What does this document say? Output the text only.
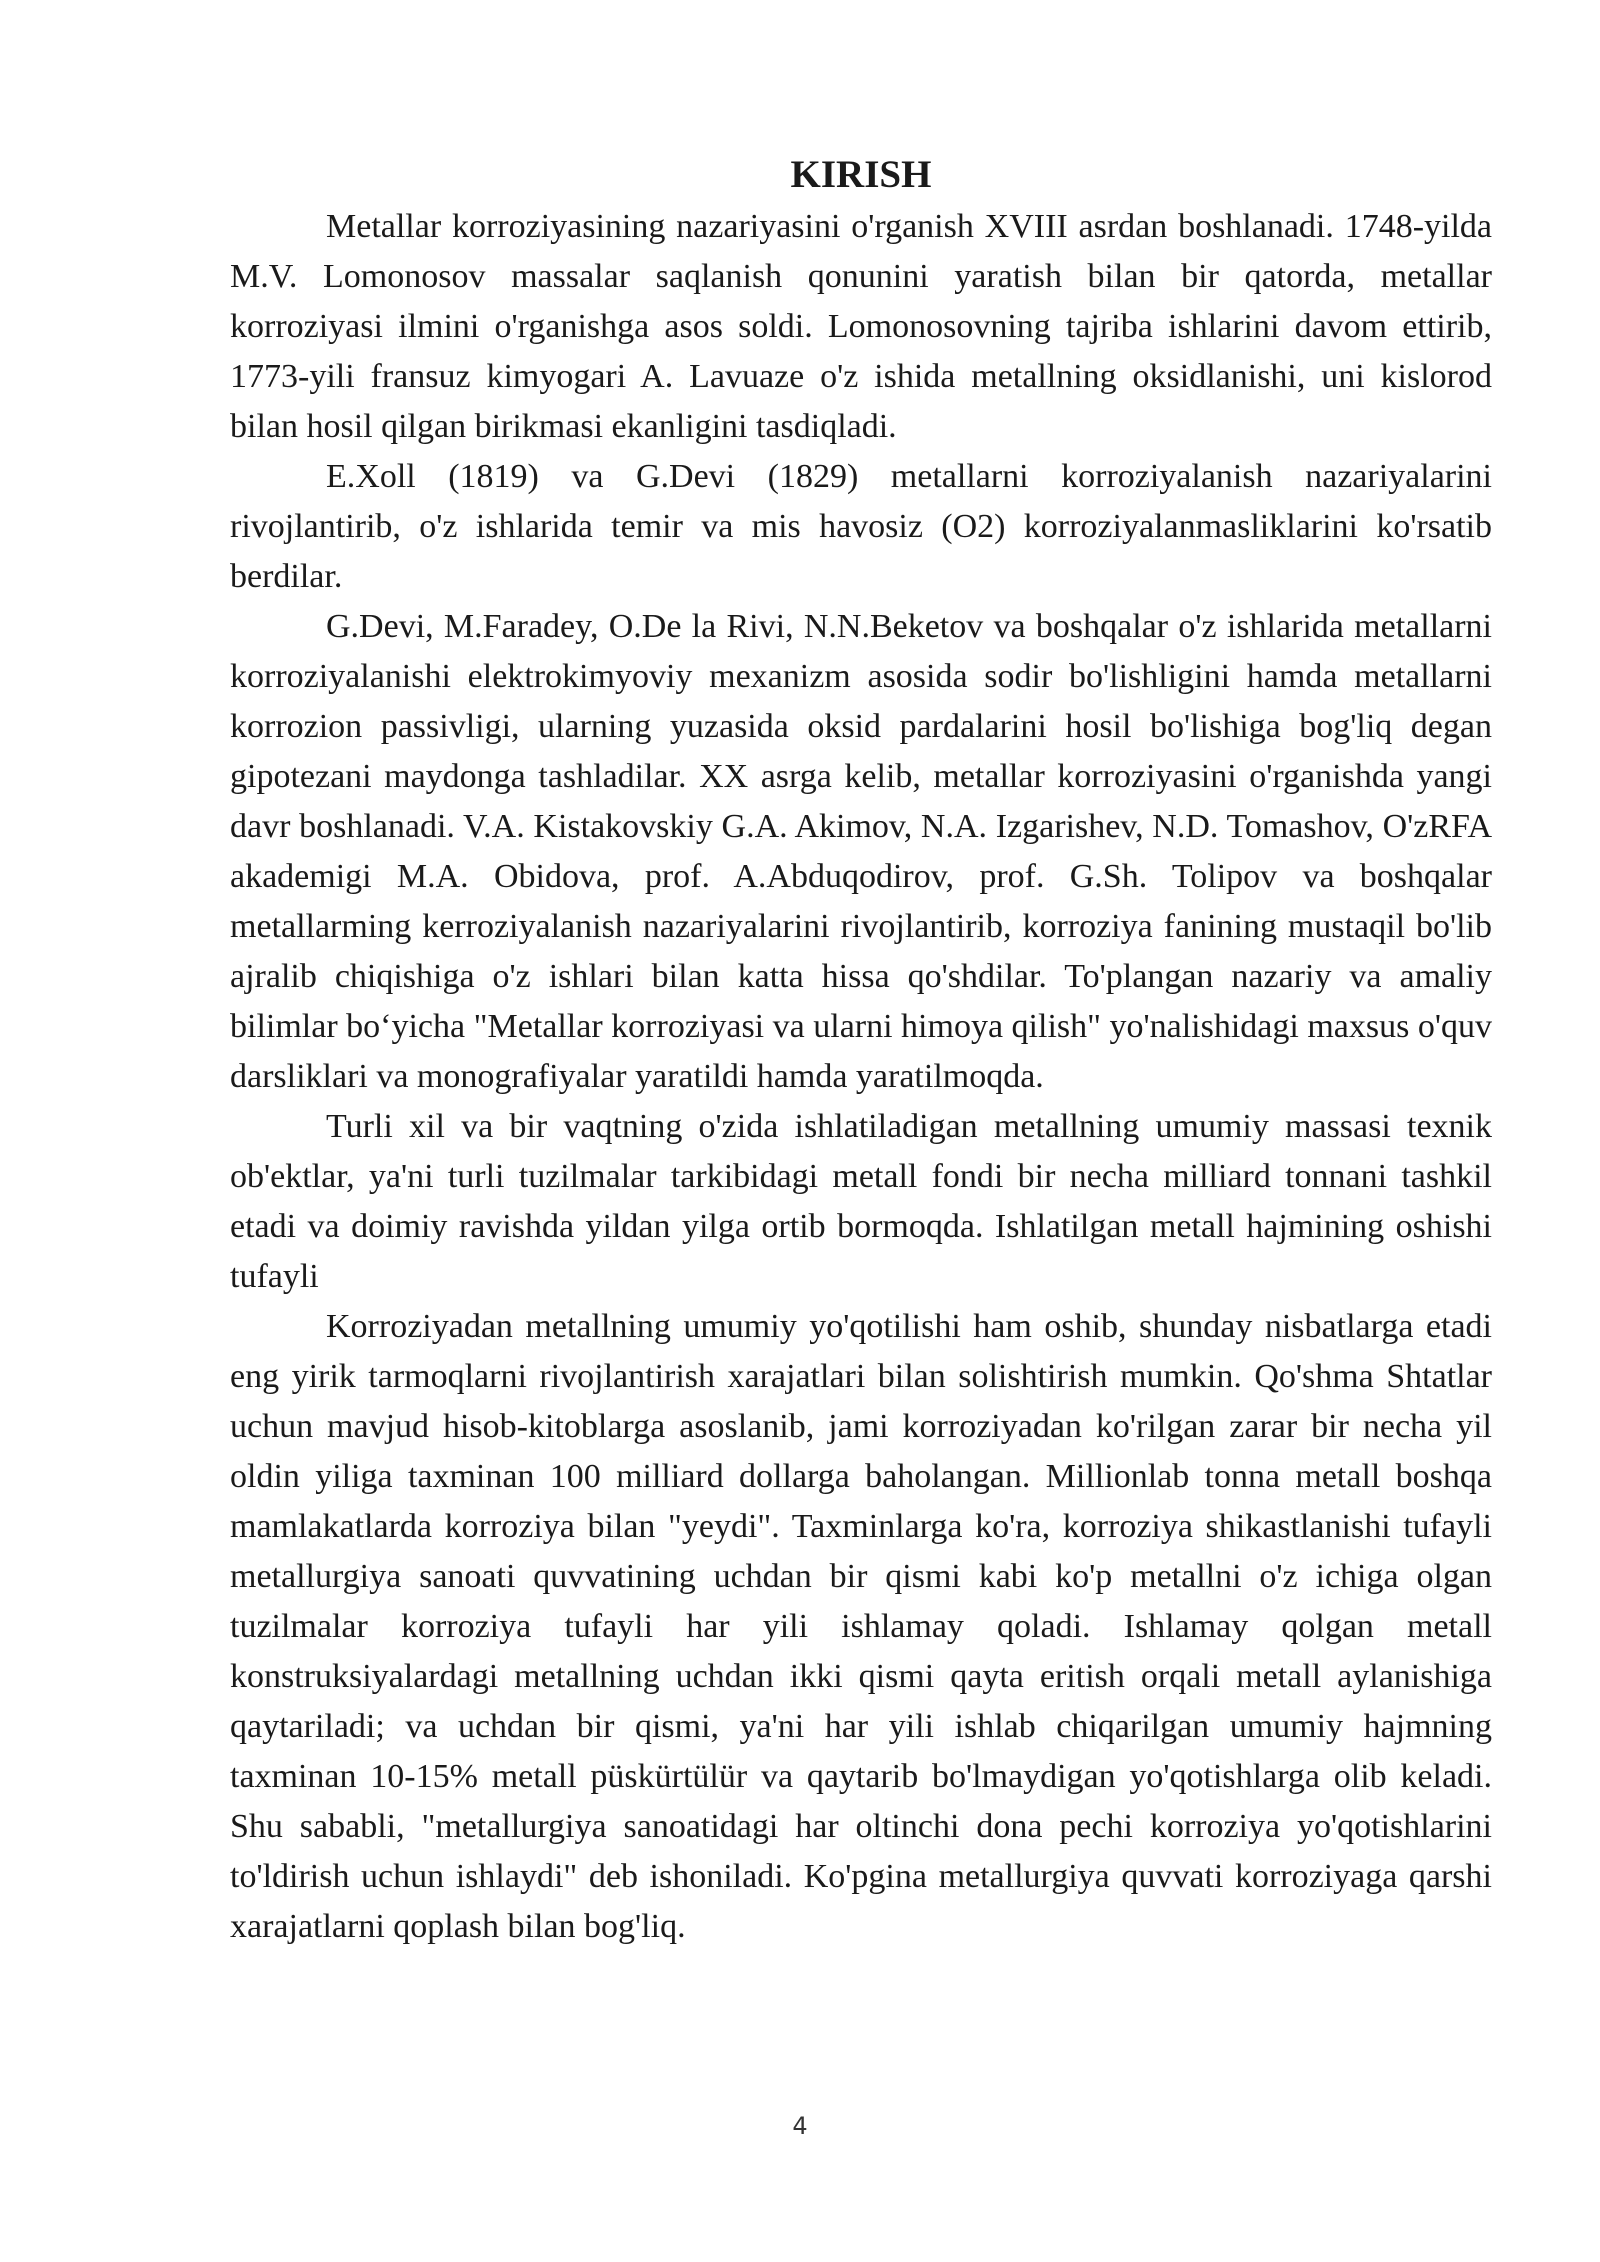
KIRISH

Metallar korroziyasining nazariyasini o'rganish XVIII asrdan boshlanadi. 1748-yilda M.V. Lomonosov massalar saqlanish qonunini yaratish bilan bir qatorda, metallar korroziyasi ilmini o'rganishga asos soldi. Lomonosovning tajriba ishlarini davom ettirib, 1773-yili fransuz kimyogari A. Lavuaze o'z ishida metallning oksidlanishi, uni kislorod bilan hosil qilgan birikmasi ekanligini tasdiqladi.

E.Xoll (1819) va G.Devi (1829) metallarni korroziyalanish nazariyalarini rivojlantirib, o'z ishlarida temir va mis havosiz (O2) korroziyalanmasliklarini ko'rsatib berdilar.

G.Devi, M.Faradey, O.De la Rivi, N.N.Beketov va boshqalar o'z ishlarida metallarni korroziyalanishi elektrokimyoviy mexanizm asosida sodir bo'lishligini hamda metallarni korrozion passivligi, ularning yuzasida oksid pardalarini hosil bo'lishiga bog'liq degan gipotezani maydonga tashladilar. XX asrga kelib, metallar korroziyasini o'rganishda yangi davr boshlanadi. V.A. Kistakovskiy G.A. Akimov, N.A. Izgarishev, N.D. Tomashov, O'zRFA akademigi M.A. Obidova, prof. A.Abduqodirov, prof. G.Sh. Tolipov va boshqalar metallarming kerroziyalanish nazariyalarini rivojlantirib, korroziya fanining mustaqil bo'lib ajralib chiqishiga o'z ishlari bilan katta hissa qo'shdilar. To'plangan nazariy va amaliy bilimlar bo‘yicha "Metallar korroziyasi va ularni himoya qilish" yo'nalishidagi maxsus o'quv darsliklari va monografiyalar yaratildi hamda yaratilmoqda.

Turli xil va bir vaqtning o'zida ishlatiladigan metallning umumiy massasi texnik ob'ektlar, ya'ni turli tuzilmalar tarkibidagi metall fondi bir necha milliard tonnani tashkil etadi va doimiy ravishda yildan yilga ortib bormoqda. Ishlatilgan metall hajmining oshishi tufayli

Korroziyadan metallning umumiy yo'qotilishi ham oshib, shunday nisbatlarga etadi eng yirik tarmoqlarni rivojlantirish xarajatlari bilan solishtirish mumkin. Qo'shma Shtatlar uchun mavjud hisob-kitoblarga asoslanib, jami korroziyadan ko'rilgan zarar bir necha yil oldin yiliga taxminan 100 milliard dollarga baholangan. Millionlab tonna metall boshqa mamlakatlarda korroziya bilan "yeydi". Taxminlarga ko'ra, korroziya shikastlanishi tufayli metallurgiya sanoati quvvatining uchdan bir qismi kabi ko'p metallni o'z ichiga olgan tuzilmalar korroziya tufayli har yili ishlamay qoladi. Ishlamay qolgan metall konstruksiyalardagi metallning uchdan ikki qismi qayta eritish orqali metall aylanishiga qaytariladi; va uchdan bir qismi, ya'ni har yili ishlab chiqarilgan umumiy hajmning taxminan 10-15% metall püskürtülür va qaytarib bo'lmaydigan yo'qotishlarga olib keladi. Shu sababli, "metallurgiya sanoatidagi har oltinchi dona pechi korroziya yo'qotishlarini to'ldirish uchun ishlaydi" deb ishoniladi. Ko'pgina metallurgiya quvvati korroziyaga qarshi xarajatlarni qoplash bilan bog'liq.

4
